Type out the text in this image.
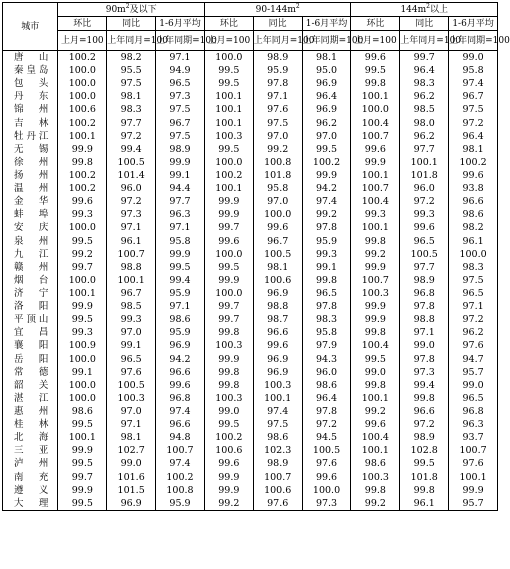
城市	$90m^2$及以下			$90-144m^2$			$144m^2$以上		
	环比	同比	1-6月平均	环比	同比	1-6月平均	环比	同比	1-6月平均
	上月=100	上年同月=100	上年同期=100	上月=100	上年同月=100	上年同期=100	上月=100	上年同月=100	上年同期=100
唐山	100.2	98.2	97.1	100.0	98.9	98.1	99.6	99.7	99.0
秦皇岛	100.0	95.5	94.9	99.5	95.9	95.0	99.5	96.4	95.8
包头	100.0	97.5	96.5	99.5	97.8	96.9	99.8	98.3	97.4
丹东	100.0	98.1	97.3	100.1	97.1	96.4	100.1	96.2	96.7
锦州	100.6	98.3	97.5	100.1	97.6	96.9	100.0	98.5	97.5
吉林	100.2	97.7	96.7	100.1	97.5	96.2	100.4	98.0	97.2
牡丹江	100.1	97.2	97.5	100.3	97.0	97.0	100.7	96.2	96.4
无锡	99.9	99.4	98.9	99.5	99.2	99.5	99.6	97.7	98.1
徐州	99.8	100.5	99.9	100.0	100.8	100.2	99.9	100.1	100.2
扬州	100.2	101.4	99.1	100.2	101.8	99.9	100.1	101.8	99.6
温州	100.2	96.0	94.4	100.1	95.8	94.2	100.7	96.0	93.8
金华	99.6	97.2	97.7	99.9	97.0	97.4	100.4	97.2	96.6
蚌埠	99.3	97.3	96.3	99.9	100.0	99.2	99.3	99.3	98.6
安庆	100.0	97.1	97.1	99.7	99.6	97.8	100.1	99.6	98.2
泉州	99.5	96.1	95.8	99.6	96.7	95.9	99.8	96.5	96.1
九江	99.2	100.7	99.9	100.0	100.5	99.3	99.2	100.5	100.0
赣州	99.7	98.8	99.5	99.5	98.1	99.1	99.9	97.7	98.3
烟台	100.0	100.1	99.4	99.9	100.6	99.8	100.7	98.9	97.5
济宁	100.1	96.7	95.9	100.0	96.9	96.5	100.3	96.8	96.5
洛阳	99.9	98.5	97.1	99.7	98.8	97.8	99.9	97.8	97.1
平顶山	99.5	99.3	98.6	99.7	98.7	98.3	99.9	98.8	97.2
宜昌	99.3	97.0	95.9	99.8	96.6	95.8	99.8	97.1	96.2
襄阳	100.9	99.1	96.9	100.3	99.6	97.9	100.4	99.0	97.6
岳阳	100.0	96.5	94.2	99.9	96.9	94.3	99.5	97.8	94.7
常德	99.1	97.6	96.6	99.8	96.9	96.0	99.0	97.3	95.7
韶关	100.0	100.5	99.6	99.8	100.3	98.6	99.8	99.4	99.0
湛江	100.0	100.3	96.8	100.3	100.1	96.4	100.1	99.8	96.5
惠州	98.6	97.0	97.4	99.0	97.4	97.8	99.2	96.6	96.8
桂林	99.5	97.1	96.6	99.5	97.5	97.2	99.6	97.2	96.3
北海	100.1	98.1	94.8	100.2	98.6	94.5	100.4	98.9	93.7
三亚	99.9	102.7	100.7	100.6	102.3	100.5	100.1	102.8	100.7
泸州	99.5	99.0	97.4	99.6	98.9	97.6	98.6	99.5	97.6
南充	99.7	101.6	100.2	99.9	100.7	99.6	100.3	101.8	100.1
遵义	99.9	101.5	100.8	99.9	100.6	100.0	99.8	99.8	99.9
大理	99.5	96.9	95.9	99.2	97.6	97.3	99.2	96.1	95.7
